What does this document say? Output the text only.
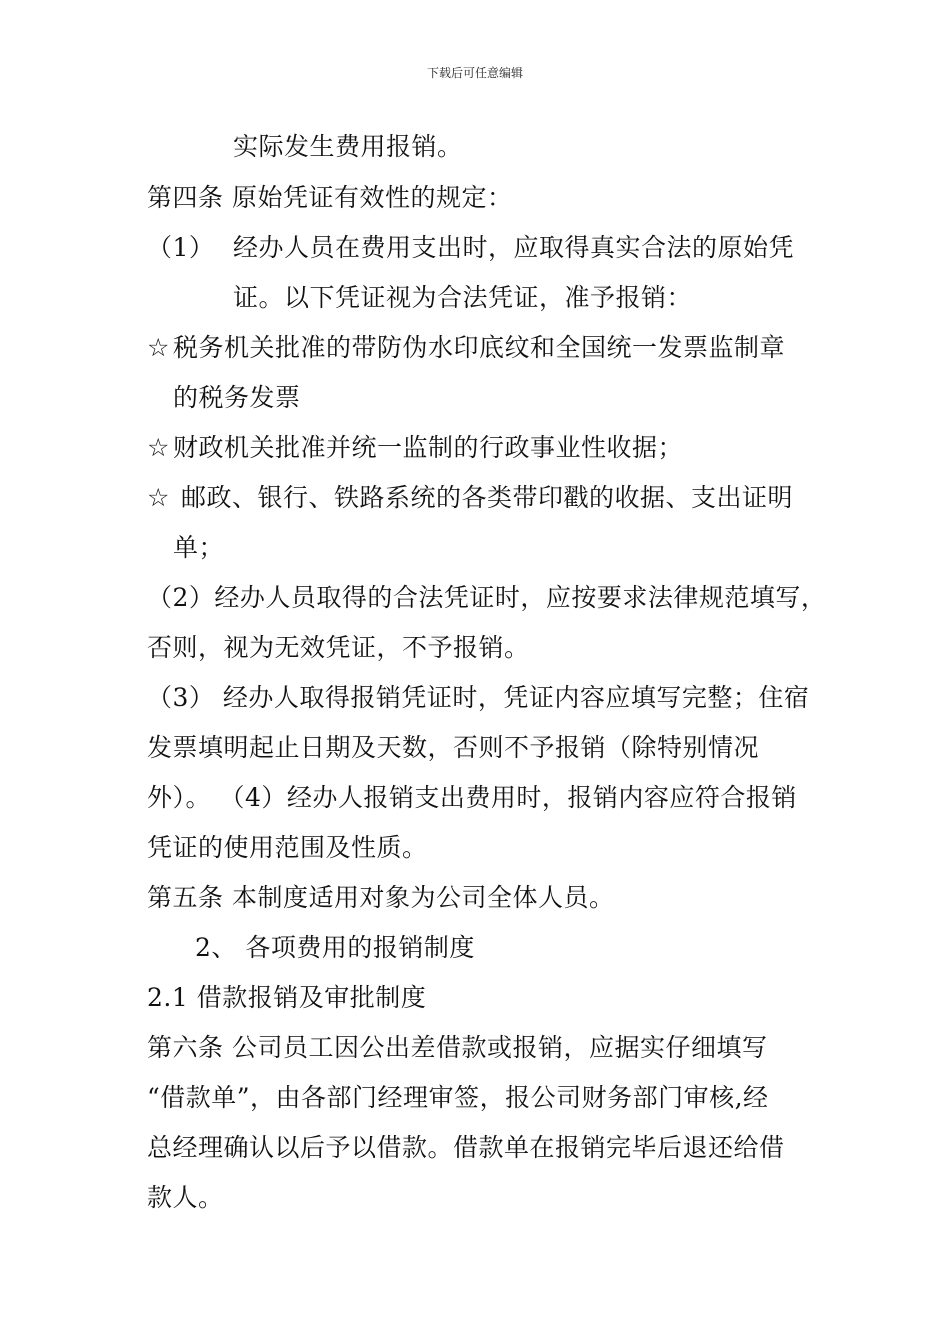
下载后可任意编辑
实际发生费用报销。
第四条 原始凭证有效性的规定：
（1） 经办人员在费用支出时，应取得真实合法的原始凭
证。以下凭证视为合法凭证，准予报销：
☆ 税务机关批准的带防伪水印底纹和全国统一发票监制章
的税务发票
☆ 财政机关批准并统一监制的行政事业性收据；
☆ 邮政、银行、铁路系统的各类带印戳的收据、支出证明
单；
（2）经办人员取得的合法凭证时，应按要求法律规范填写，
否则，视为无效凭证，不予报销。
（3） 经办人取得报销凭证时，凭证内容应填写完整；住宿
发票填明起止日期及天数，否则不予报销（除特别情况
外）。 （4）经办人报销支出费用时，报销内容应符合报销
凭证的使用范围及性质。
第五条 本制度适用对象为公司全体人员。
2、 各项费用的报销制度
2.1 借款报销及审批制度
第六条 公司员工因公出差借款或报销，应据实仔细填写
“借款单”，由各部门经理审签，报公司财务部门审核,经
总经理确认以后予以借款。借款单在报销完毕后退还给借
款人。
